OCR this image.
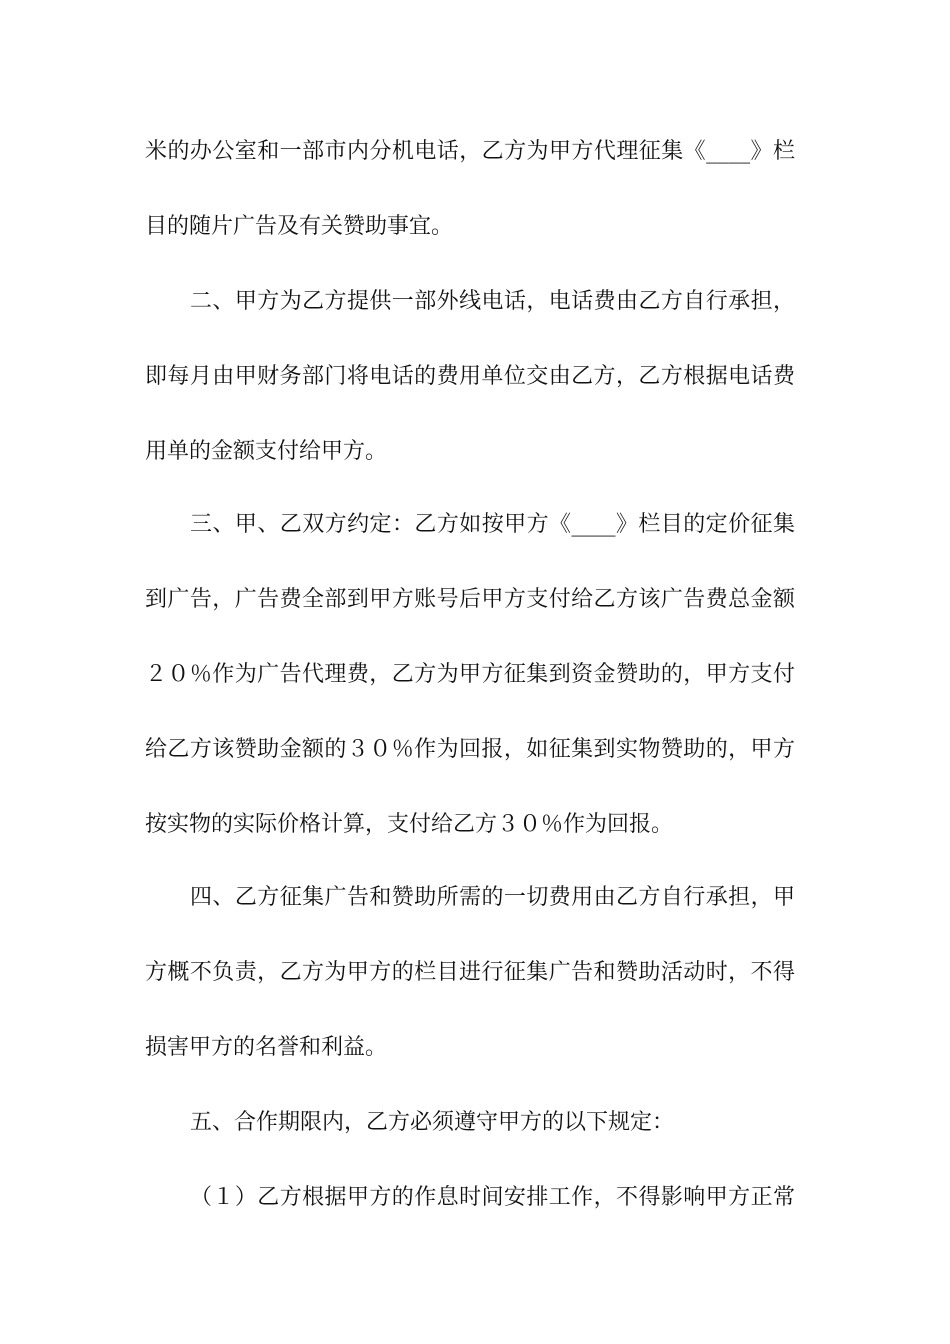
米的办公室和一部市内分机电话，乙方为甲方代理征集《____》栏
目的随片广告及有关赞助事宜。
二、甲方为乙方提供一部外线电话，电话费由乙方自行承担，
即每月由甲财务部门将电话的费用单位交由乙方，乙方根据电话费
用单的金额支付给甲方。
三、甲、乙双方约定：乙方如按甲方《____》栏目的定价征集
到广告，广告费全部到甲方账号后甲方支付给乙方该广告费总金额
２０％作为广告代理费，乙方为甲方征集到资金赞助的，甲方支付
给乙方该赞助金额的３０％作为回报，如征集到实物赞助的，甲方
按实物的实际价格计算，支付给乙方３０％作为回报。
四、乙方征集广告和赞助所需的一切费用由乙方自行承担，甲
方概不负责，乙方为甲方的栏目进行征集广告和赞助活动时，不得
损害甲方的名誉和利益。
五、合作期限内，乙方必须遵守甲方的以下规定：
（１）乙方根据甲方的作息时间安排工作，不得影响甲方正常
